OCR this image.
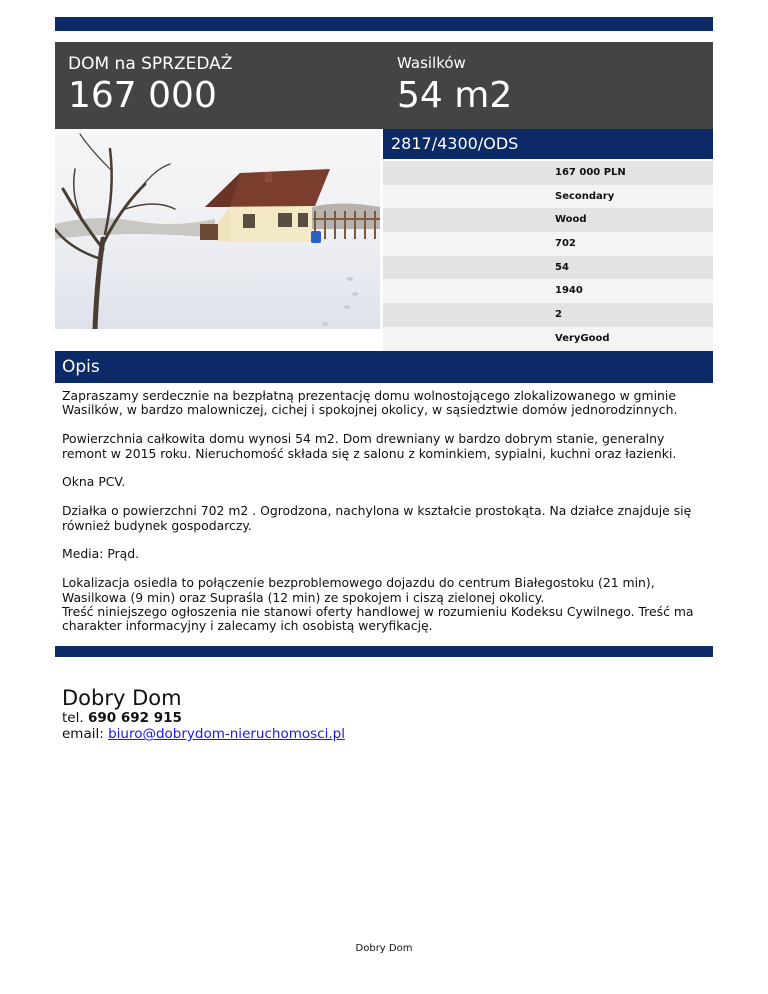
DOM na SPRZEDAŻ
167 000
Wasilków
54 m2
2817/4300/ODS
167 000 PLN
Secondary
Wood
702
54
1940
2
VeryGood
Opis

Zapraszamy serdecznie na bezpłatną prezentację domu wolnostojącego zlokalizowanego w gminie Wasilków, w bardzo malowniczej, cichej i spokojnej okolicy, w sąsiedztwie domów jednorodzinnych.

Powierzchnia całkowita domu wynosi 54 m2. Dom drewniany w bardzo dobrym stanie, generalny remont w 2015 roku. Nieruchomość składa się z salonu z kominkiem, sypialni, kuchni oraz łazienki.

Okna PCV.

Działka o powierzchni 702 m2 . Ogrodzona, nachylona w kształcie prostokąta. Na działce znajduje się również budynek gospodarczy.

Media: Prąd.

Lokalizacja osiedla to połączenie bezproblemowego dojazdu do centrum Białegostoku (21 min), Wasilkowa (9 min) oraz Supraśla (12 min) ze spokojem i ciszą zielonej okolicy.

Treść niniejszego ogłoszenia nie stanowi oferty handlowej w rozumieniu Kodeksu Cywilnego. Treść ma charakter informacyjny i zalecamy ich osobistą weryfikację.

Dobry Dom
tel. 690 692 915
email: biuro@dobrydom-nieruchomosci.pl
Dobry Dom
